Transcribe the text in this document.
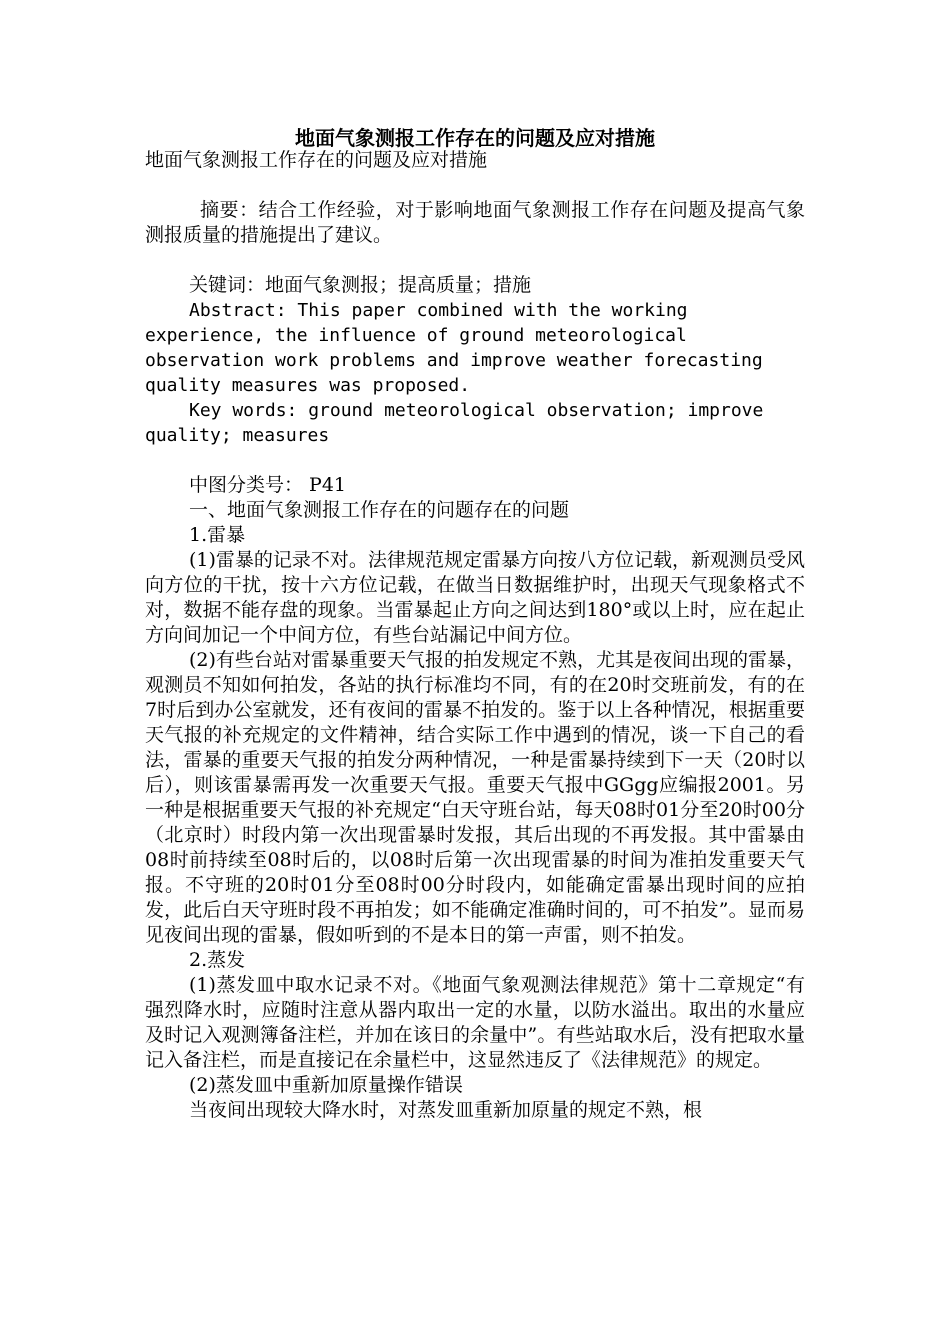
地面气象测报工作存在的问题及应对措施

地面气象测报工作存在的问题及应对措施

摘要：结合工作经验，对于影响地面气象测报工作存在问题及提高气象测报质量的措施提出了建议。

关键词：地面气象测报；提高质量；措施

Abstract: This paper combined with the working experience, the influence of ground meteorological observation work problems and improve weather forecasting quality measures was proposed.

Key words: ground meteorological observation; improve quality; measures

中图分类号： P41

一、地面气象测报工作存在的问题存在的问题

1.雷暴

(1)雷暴的记录不对。法律规范规定雷暴方向按八方位记载，新观测员受风向方位的干扰，按十六方位记载，在做当日数据维护时，出现天气现象格式不对，数据不能存盘的现象。当雷暴起止方向之间达到180°或以上时，应在起止方向间加记一个中间方位，有些台站漏记中间方位。

(2)有些台站对雷暴重要天气报的拍发规定不熟，尤其是夜间出现的雷暴，观测员不知如何拍发，各站的执行标准均不同，有的在20时交班前发，有的在7时后到办公室就发，还有夜间的雷暴不拍发的。鉴于以上各种情况，根据重要天气报的补充规定的文件精神，结合实际工作中遇到的情况，谈一下自己的看法，雷暴的重要天气报的拍发分两种情况，一种是雷暴持续到下一天（20时以后），则该雷暴需再发一次重要天气报。重要天气报中GGgg应编报2001。另一种是根据重要天气报的补充规定“白天守班台站，每天08时01分至20时00分（北京时）时段内第一次出现雷暴时发报，其后出现的不再发报。其中雷暴由08时前持续至08时后的，以08时后第一次出现雷暴的时间为准拍发重要天气报。不守班的20时01分至08时00分时段内，如能确定雷暴出现时间的应拍发，此后白天守班时段不再拍发；如不能确定准确时间的，可不拍发”。显而易见夜间出现的雷暴，假如听到的不是本日的第一声雷，则不拍发。

2.蒸发

(1)蒸发皿中取水记录不对。《地面气象观测法律规范》第十二章规定“有强烈降水时，应随时注意从器内取出一定的水量，以防水溢出。取出的水量应及时记入观测簿备注栏，并加在该日的余量中”。有些站取水后，没有把取水量记入备注栏，而是直接记在余量栏中，这显然违反了《法律规范》的规定。

(2)蒸发皿中重新加原量操作错误

当夜间出现较大降水时，对蒸发皿重新加原量的规定不熟，根
